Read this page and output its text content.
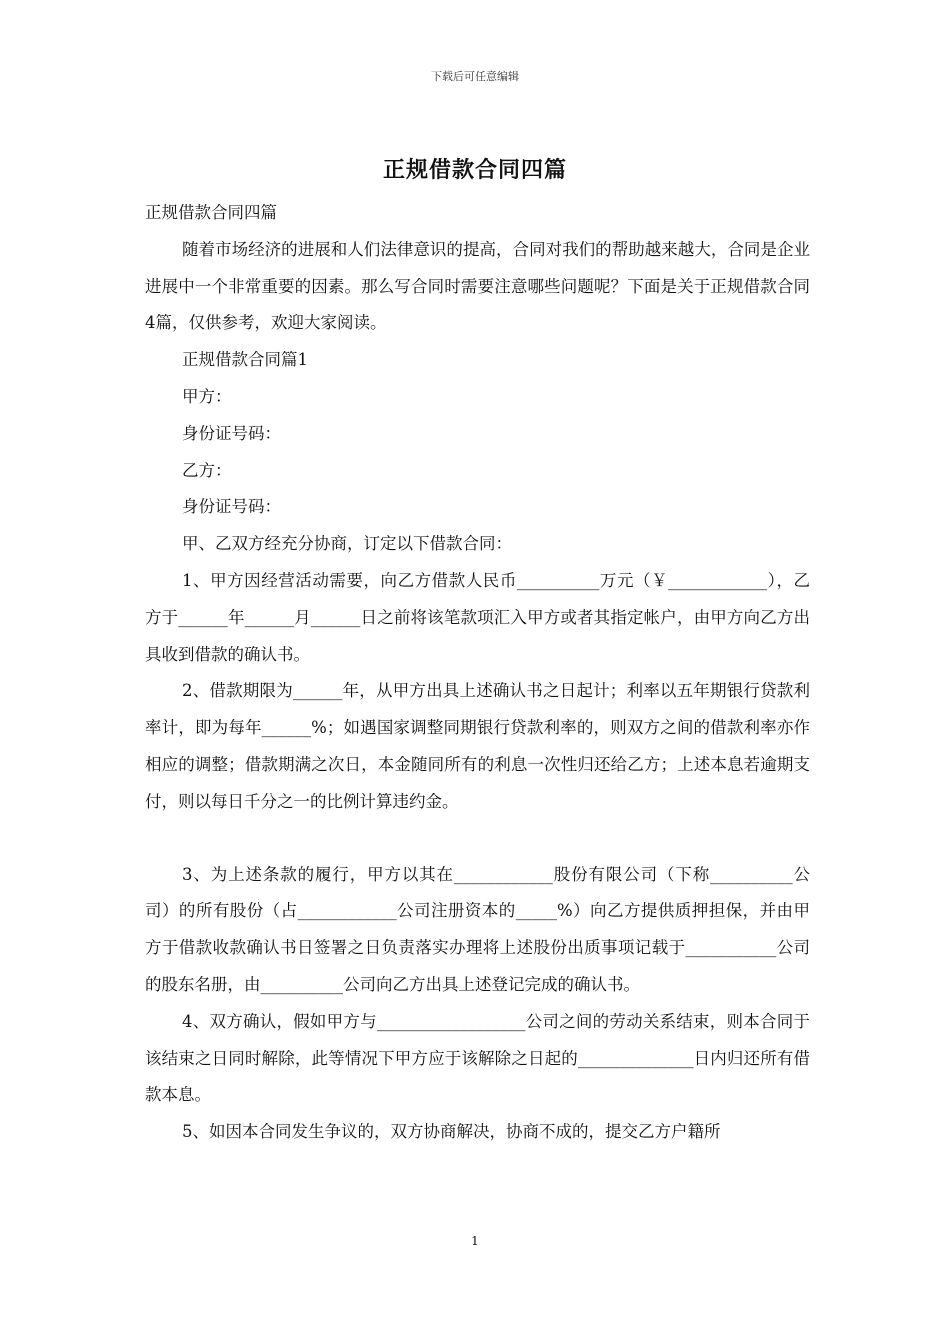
下载后可任意编辑
正规借款合同四篇

正规借款合同四篇

随着市场经济的进展和人们法律意识的提高，合同对我们的帮助越来越大，合同是企业进展中一个非常重要的因素。那么写合同时需要注意哪些问题呢？下面是关于正规借款合同4篇，仅供参考，欢迎大家阅读。

正规借款合同篇1

甲方：

身份证号码：

乙方：

身份证号码：

甲、乙双方经充分协商，订定以下借款合同：

1、甲方因经营活动需要，向乙方借款人民币__________万元（￥____________），乙方于______年______月______日之前将该笔款项汇入甲方或者其指定帐户，由甲方向乙方出具收到借款的确认书。

2、借款期限为______年，从甲方出具上述确认书之日起计；利率以五年期银行贷款利率计，即为每年______%；如遇国家调整同期银行贷款利率的，则双方之间的借款利率亦作相应的调整；借款期满之次日，本金随同所有的利息一次性归还给乙方；上述本息若逾期支付，则以每日千分之一的比例计算违约金。

3、为上述条款的履行，甲方以其在____________股份有限公司（下称__________公司）的所有股份（占____________公司注册资本的_____%）向乙方提供质押担保，并由甲方于借款收款确认书日签署之日负责落实办理将上述股份出质事项记载于___________公司的股东名册，由__________公司向乙方出具上述登记完成的确认书。

4、双方确认，假如甲方与__________________公司之间的劳动关系结束，则本合同于该结束之日同时解除，此等情况下甲方应于该解除之日起的______________日内归还所有借款本息。

5、如因本合同发生争议的，双方协商解决，协商不成的，提交乙方户籍所

1
